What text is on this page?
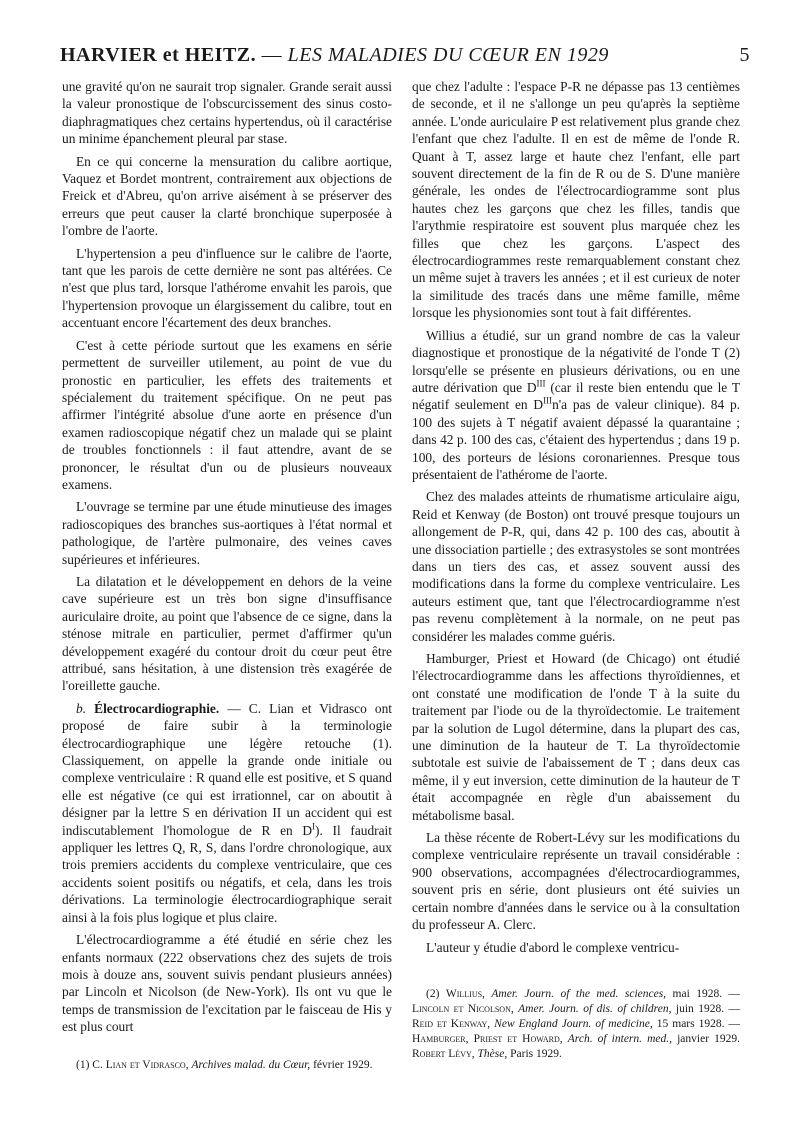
HARVIER et HEITZ. — LES MALADIES DU CŒUR EN 1929	5

une gravité qu'on ne saurait trop signaler. Grande serait aussi la valeur pronostique de l'obscurcissement des sinus costo-diaphragmatiques chez certains hypertendus, où il caractérise un minime épanchement pleural par stase.

En ce qui concerne la mensuration du calibre aortique, Vaquez et Bordet montrent, contrairement aux objections de Freick et d'Abreu, qu'on arrive aisément à se préserver des erreurs que peut causer la clarté bronchique superposée à l'ombre de l'aorte.

L'hypertension a peu d'influence sur le calibre de l'aorte, tant que les parois de cette dernière ne sont pas altérées. Ce n'est que plus tard, lorsque l'athérome envahit les parois, que l'hypertension provoque un élargissement du calibre, tout en accentuant encore l'écartement des deux branches.

C'est à cette période surtout que les examens en série permettent de surveiller utilement, au point de vue du pronostic en particulier, les effets des traitements et spécialement du traitement spécifique. On ne peut pas affirmer l'intégrité absolue d'une aorte en présence d'un examen radioscopique négatif chez un malade qui se plaint de troubles fonctionnels : il faut attendre, avant de se prononcer, le résultat d'un ou de plusieurs nouveaux examens.

L'ouvrage se termine par une étude minutieuse des images radioscopiques des branches sus-aortiques à l'état normal et pathologique, de l'artère pulmonaire, des veines caves supérieures et inférieures.

La dilatation et le développement en dehors de la veine cave supérieure est un très bon signe d'insuffisance auriculaire droite, au point que l'absence de ce signe, dans la sténose mitrale en particulier, permet d'affirmer qu'un développement exagéré du contour droit du cœur peut être attribué, sans hésitation, à une distension très exagérée de l'oreillette gauche.

b. Électrocardiographie. — C. Lian et Vidrasco ont proposé de faire subir à la terminologie électrocardiographique une légère retouche (1). Classiquement, on appelle la grande onde initiale ou complexe ventriculaire : R quand elle est positive, et S quand elle est négative (ce qui est irrationnel, car on aboutit à désigner par la lettre S en dérivation II un accident qui est indiscutablement l'homologue de R en $D^I$). Il faudrait appliquer les lettres Q, R, S, dans l'ordre chronologique, aux trois premiers accidents du complexe ventriculaire, que ces accidents soient positifs ou négatifs, et cela, dans les trois dérivations. La terminologie électrocardiographique serait ainsi à la fois plus logique et plus claire.

L'électrocardiogramme a été étudié en série chez les enfants normaux (222 observations chez des sujets de trois mois à douze ans, souvent suivis pendant plusieurs années) par Lincoln et Nicolson (de New-York). Ils ont vu que le temps de transmission de l'excitation par le faisceau de His y est plus court

que chez l'adulte : l'espace P-R ne dépasse pas 13 centièmes de seconde, et il ne s'allonge un peu qu'après la septième année. L'onde auriculaire P est relativement plus grande chez l'enfant que chez l'adulte. Il en est de même de l'onde R. Quant à T, assez large et haute chez l'enfant, elle part souvent directement de la fin de R ou de S. D'une manière générale, les ondes de l'électrocardiogramme sont plus hautes chez les garçons que chez les filles, tandis que l'arythmie respiratoire est souvent plus marquée chez les filles que chez les garçons. L'aspect des électrocardiogrammes reste remarquablement constant chez un même sujet à travers les années ; et il est curieux de noter la similitude des tracés dans une même famille, même lorsque les physionomies sont tout à fait différentes.

Willius a étudié, sur un grand nombre de cas la valeur diagnostique et pronostique de la négativité de l'onde T (2) lorsqu'elle se présente en plusieurs dérivations, ou en une autre dérivation que $D^{III}$ (car il reste bien entendu que le T négatif seulement en $D^{III}n'a$ pas de valeur clinique). 84 p. 100 des sujets à T négatif avaient dépassé la quarantaine ; dans 42 p. 100 des cas, c'étaient des hypertendus ; dans 19 p. 100, des porteurs de lésions coronariennes. Presque tous présentaient de l'athérome de l'aorte.

Chez des malades atteints de rhumatisme articulaire aigu, Reid et Kenway (de Boston) ont trouvé presque toujours un allongement de P-R, qui, dans 42 p. 100 des cas, aboutit à une dissociation partielle ; des extrasystoles se sont montrées dans un tiers des cas, et assez souvent aussi des modifications dans la forme du complexe ventriculaire. Les auteurs estiment que, tant que l'électrocardiogramme n'est pas revenu complètement à la normale, on ne peut pas considérer les malades comme guéris.

Hamburger, Priest et Howard (de Chicago) ont étudié l'électrocardiogramme dans les affections thyroïdiennes, et ont constaté une modification de l'onde T à la suite du traitement par l'iode ou de la thyroïdectomie. Le traitement par la solution de Lugol détermine, dans la plupart des cas, une diminution de la hauteur de T. La thyroïdectomie subtotale est suivie de l'abaissement de T ; dans deux cas même, il y eut inversion, cette diminution de la hauteur de T était accompagnée en règle d'un abaissement du métabolisme basal.

La thèse récente de Robert-Lévy sur les modifications du complexe ventriculaire représente un travail considérable : 900 observations, accompagnées d'électrocardiogrammes, souvent pris en série, dont plusieurs ont été suivies un certain nombre d'années dans le service ou à la consultation du professeur A. Clerc.

L'auteur y étudie d'abord le complexe ventricu-

(2) Willius, Amer. Journ. of the med. sciences, mai 1928. — Lincoln et Nicolson, Amer. Journ. of dis. of children, juin 1928. — Reid et Kenway, New England Journ. of medicine, 15 mars 1928. — Hamburger, Priest et Howard, Arch. of intern. med., janvier 1929. Robert Lévy, Thèse, Paris 1929.

(1) C. Lian et Vidrasco, Archives malad. du Cœur, février 1929.
